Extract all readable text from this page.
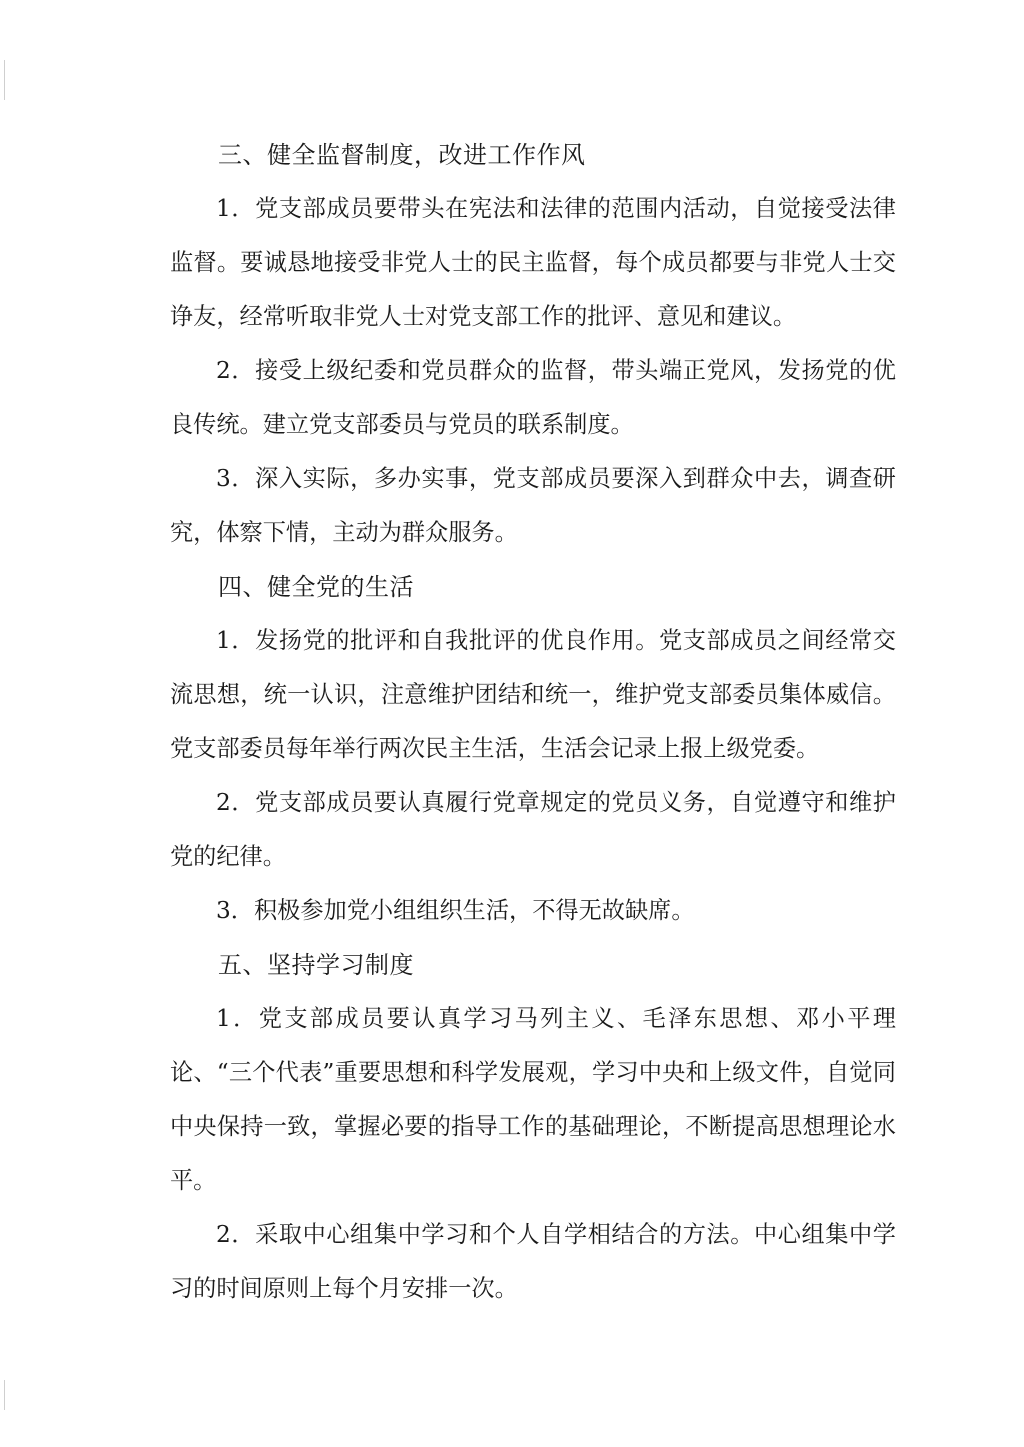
三、健全监督制度，改进工作作风

1．党支部成员要带头在宪法和法律的范围内活动，自觉接受法律监督。要诚恳地接受非党人士的民主监督，每个成员都要与非党人士交诤友，经常听取非党人士对党支部工作的批评、意见和建议。

2．接受上级纪委和党员群众的监督，带头端正党风，发扬党的优良传统。建立党支部委员与党员的联系制度。

3．深入实际，多办实事，党支部成员要深入到群众中去，调查研究，体察下情，主动为群众服务。

四、健全党的生活

1．发扬党的批评和自我批评的优良作用。党支部成员之间经常交流思想，统一认识，注意维护团结和统一，维护党支部委员集体威信。党支部委员每年举行两次民主生活，生活会记录上报上级党委。

2．党支部成员要认真履行党章规定的党员义务，自觉遵守和维护党的纪律。

3．积极参加党小组组织生活，不得无故缺席。

五、坚持学习制度

1．党支部成员要认真学习马列主义、毛泽东思想、邓小平理论、“三个代表”重要思想和科学发展观，学习中央和上级文件，自觉同中央保持一致，掌握必要的指导工作的基础理论，不断提高思想理论水平。

2．采取中心组集中学习和个人自学相结合的方法。中心组集中学习的时间原则上每个月安排一次。
